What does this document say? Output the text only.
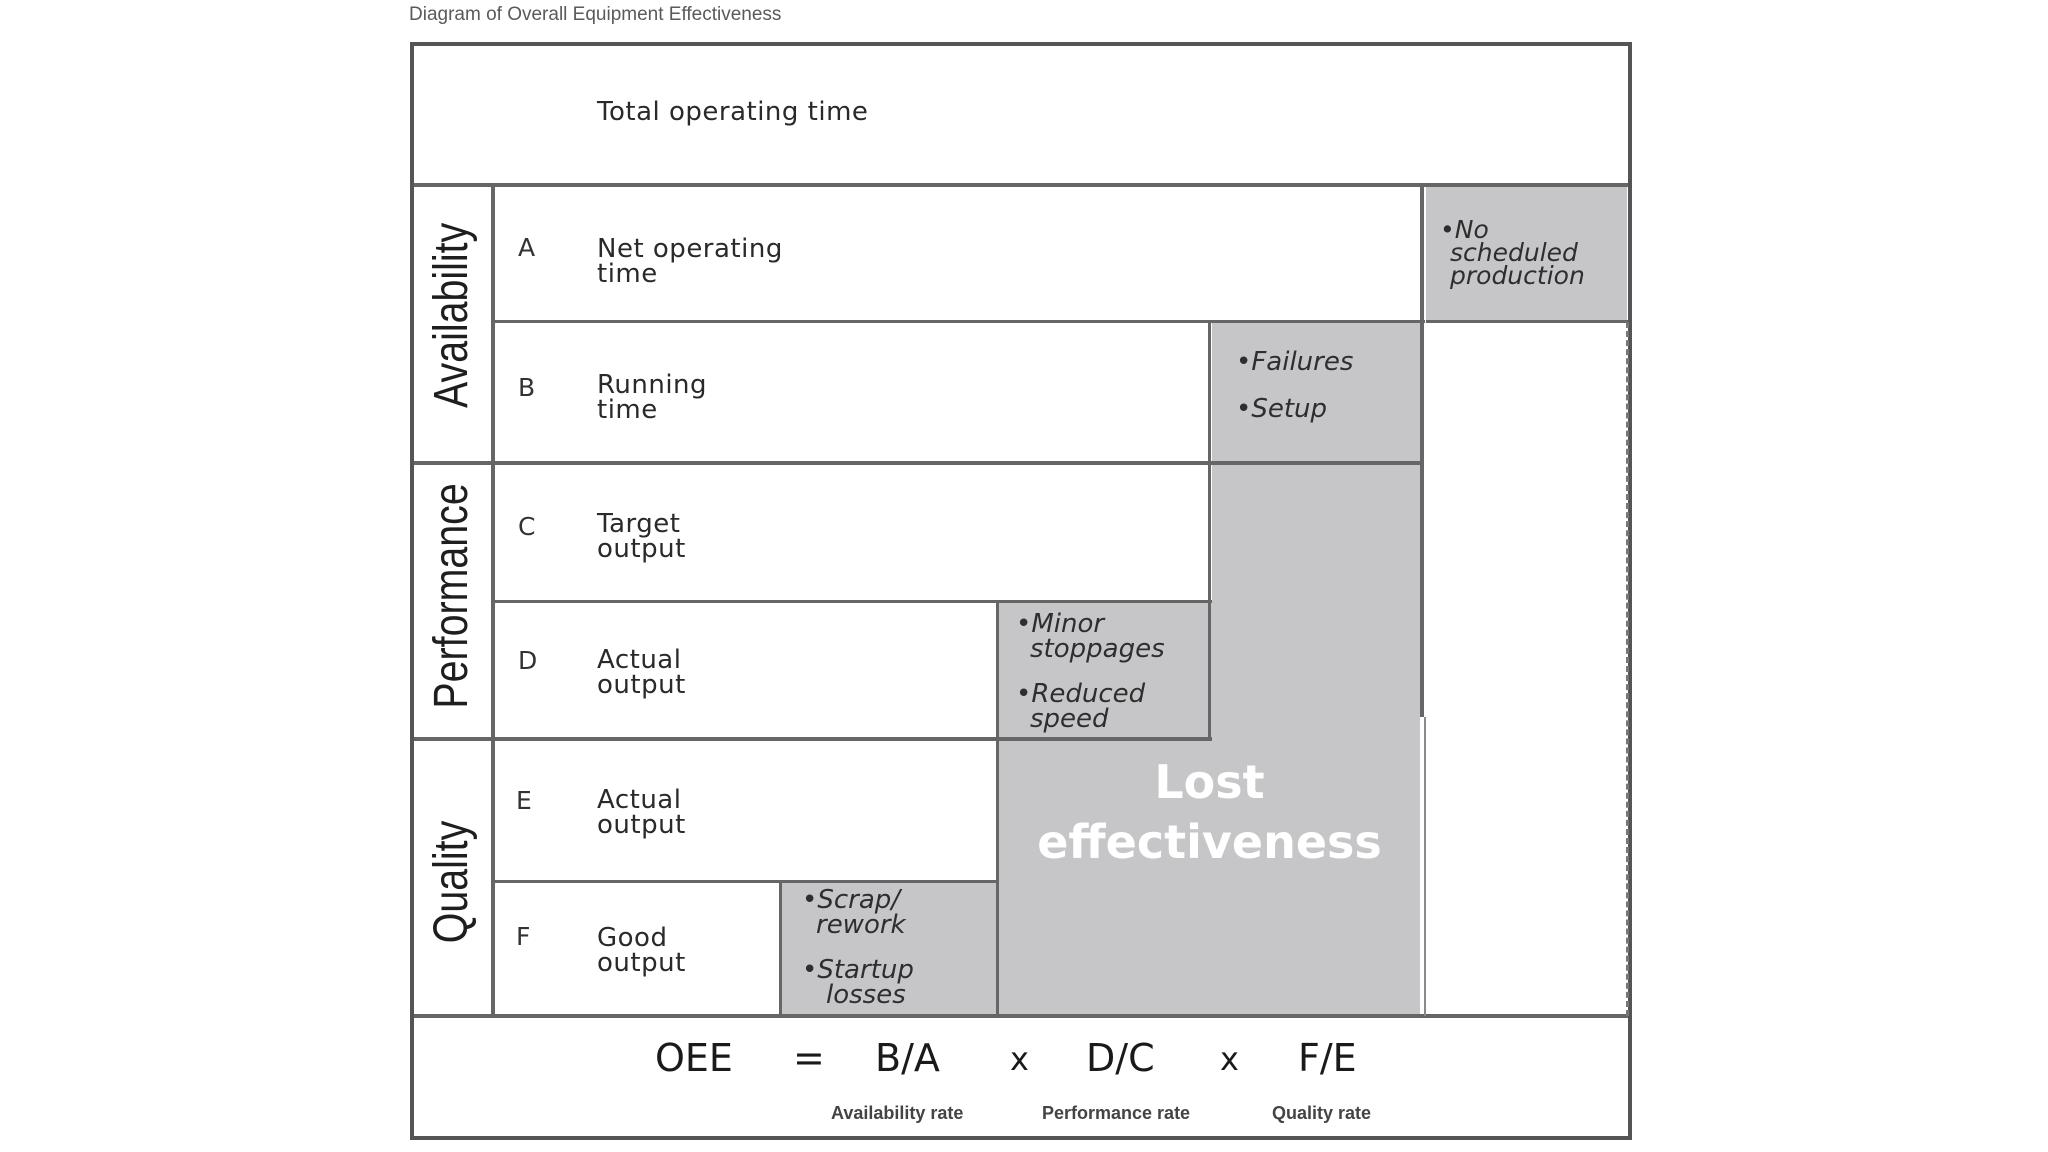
Diagram of Overall Equipment Effectiveness
Total operating time
Availability
Performance
Quality
A Net operating
time
B Running
time
C Target
output
D Actual
output
E	Actual
output
F	Good
output
•No
scheduled
production
•Failures
•Setup
•Minor
stoppages
•Reduced
speed
•Scrap/
rework
•Startup
losses
Lost
effectiveness
OEE = B/A x D/C x F/E
Availability rate	Performance rate	Quality rate
